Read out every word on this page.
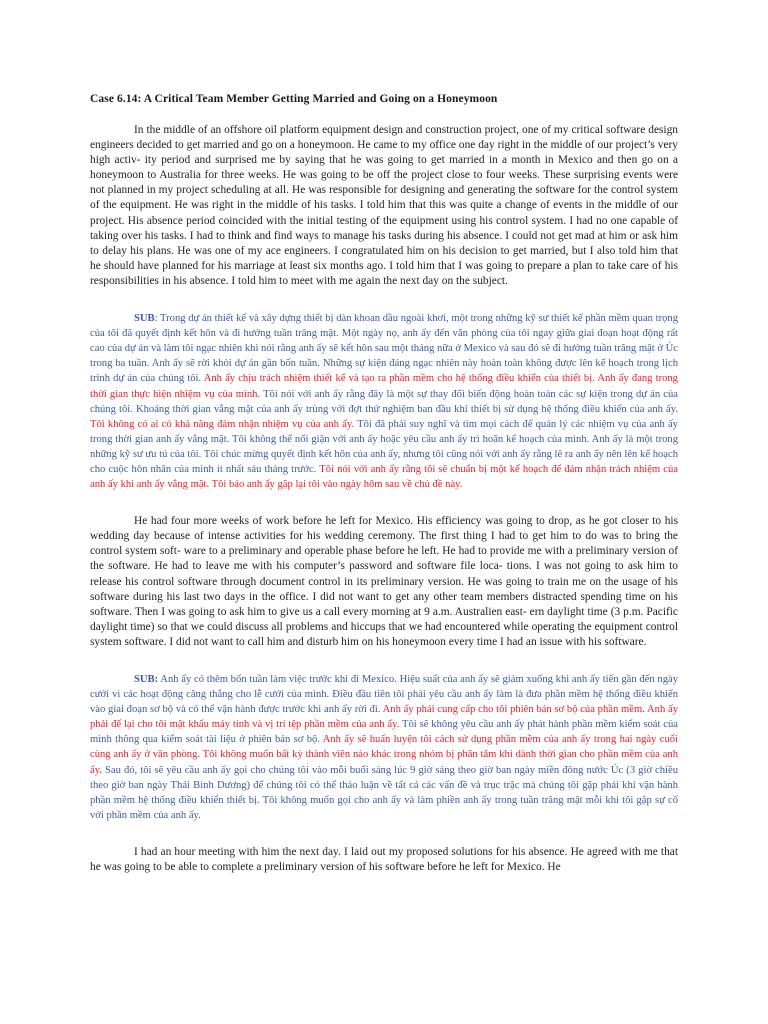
Case 6.14: A Critical Team Member Getting Married and Going on a Honeymoon

In the middle of an offshore oil platform equipment design and construction project, one of my critical software design engineers decided to get married and go on a honeymoon. He came to my office one day right in the middle of our project’s very high activ- ity period and surprised me by saying that he was going to get married in a month in Mexico and then go on a honeymoon to Australia for three weeks. He was going to be off the project close to four weeks. These surprising events were not planned in my project scheduling at all. He was responsible for designing and generating the software for the control system of the equipment. He was right in the middle of his tasks. I told him that this was quite a change of events in the middle of our project. His absence period coincided with the initial testing of the equipment using his control system. I had no one capable of taking over his tasks. I had to think and find ways to manage his tasks during his absence. I could not get mad at him or ask him to delay his plans. He was one of my ace engineers. I congratulated him on his decision to get married, but I also told him that he should have planned for his marriage at least six months ago. I told him that I was going to prepare a plan to take care of his responsibilities in his absence. I told him to meet with me again the next day on the subject.

SUB: Trong dự án thiết kế và xây dựng thiết bị dàn khoan dầu ngoài khơi, một trong những kỹ sư thiết kế phần mềm quan trọng của tôi đã quyết định kết hôn và đi hưởng tuần trăng mật. Một ngày nọ, anh ấy đến văn phòng của tôi ngay giữa giai đoạn hoạt động rất cao của dự án và làm tôi ngạc nhiên khi nói rằng anh ấy sẽ kết hôn sau một tháng nữa ở Mexico và sau đó sẽ đi hưởng tuần trăng mật ở Úc trong ba tuần. Anh ấy sẽ rời khỏi dự án gần bốn tuần. Những sự kiện đáng ngạc nhiên này hoàn toàn không được lên kế hoạch trong lịch trình dự án của chúng tôi. Anh ấy chịu trách nhiệm thiết kế và tạo ra phần mềm cho hệ thống điều khiển của thiết bị. Anh ấy đang trong thời gian thực hiện nhiệm vụ của mình. Tôi nói với anh ấy rằng đây là một sự thay đổi biến động hoàn toàn các sự kiện trong dự án của chúng tôi. Khoảng thời gian vắng mặt của anh ấy trùng với đợt thử nghiệm ban đầu khi thiết bị sử dụng hệ thống điều khiển của anh ấy. Tôi không có ai có khả năng đảm nhận nhiệm vụ của anh ấy. Tôi đã phải suy nghĩ và tìm mọi cách để quản lý các nhiệm vụ của anh ấy trong thời gian anh ấy vắng mặt. Tôi không thể nổi giận với anh ấy hoặc yêu cầu anh ấy trì hoãn kế hoạch của mình. Anh ấy là một trong những kỹ sư ưu tú của tôi. Tôi chúc mừng quyết định kết hôn của anh ấy, nhưng tôi cũng nói với anh ấy rằng lẽ ra anh ấy nên lên kế hoạch cho cuộc hôn nhân của mình ít nhất sáu tháng trước. Tôi nói với anh ấy rằng tôi sẽ chuẩn bị một kế hoạch để đảm nhận trách nhiệm của anh ấy khi anh ấy vắng mặt. Tôi bảo anh ấy gặp lại tôi vào ngày hôm sau về chủ đề này.

He had four more weeks of work before he left for Mexico. His efficiency was going to drop, as he got closer to his wedding day because of intense activities for his wedding ceremony. The first thing I had to get him to do was to bring the control system soft- ware to a preliminary and operable phase before he left. He had to provide me with a preliminary version of the software. He had to leave me with his computer’s password and software file loca- tions. I was not going to ask him to release his control software through document control in its preliminary version. He was going to train me on the usage of his software during his last two days in the office. I did not want to get any other team members distracted spending time on his software. Then I was going to ask him to give us a call every morning at 9 a.m. Australien east- ern daylight time (3 p.m. Pacific daylight time) so that we could discuss all problems and hiccups that we had encountered while operating the equipment control system software. I did not want to call him and disturb him on his honeymoon every time I had an issue with his software.

SUB: Anh ấy có thêm bốn tuần làm việc trước khi đi Mexico. Hiệu suất của anh ấy sẽ giảm xuống khi anh ấy tiến gần đến ngày cưới vì các hoạt động căng thẳng cho lễ cưới của mình. Điều đầu tiên tôi phải yêu cầu anh ấy làm là đưa phần mềm hệ thống điều khiển vào giai đoạn sơ bộ và có thể vận hành được trước khi anh ấy rời đi. Anh ấy phải cung cấp cho tôi phiên bản sơ bộ của phần mềm. Anh ấy phải để lại cho tôi mật khẩu máy tính và vị trí tệp phần mềm của anh ấy. Tôi sẽ không yêu cầu anh ấy phát hành phần mềm kiểm soát của mình thông qua kiểm soát tài liệu ở phiên bản sơ bộ. Anh ấy sẽ huấn luyện tôi cách sử dụng phần mềm của anh ấy trong hai ngày cuối cùng anh ấy ở văn phòng. Tôi không muốn bất kỳ thành viên nào khác trong nhóm bị phân tâm khi dành thời gian cho phần mềm của anh ấy. Sau đó, tôi sẽ yêu cầu anh ấy gọi cho chúng tôi vào mỗi buổi sáng lúc 9 giờ sáng theo giờ ban ngày miền đông nước Úc (3 giờ chiều theo giờ ban ngày Thái Bình Dương) để chúng tôi có thể thảo luận về tất cả các vấn đề và trục trặc mà chúng tôi gặp phải khi vận hành phần mềm hệ thống điều khiển thiết bị. Tôi không muốn gọi cho anh ấy và làm phiền anh ấy trong tuần trăng mật mỗi khi tôi gặp sự cố với phần mềm của anh ấy.

I had an hour meeting with him the next day. I laid out my proposed solutions for his absence. He agreed with me that he was going to be able to complete a preliminary version of his software before he left for Mexico. He
